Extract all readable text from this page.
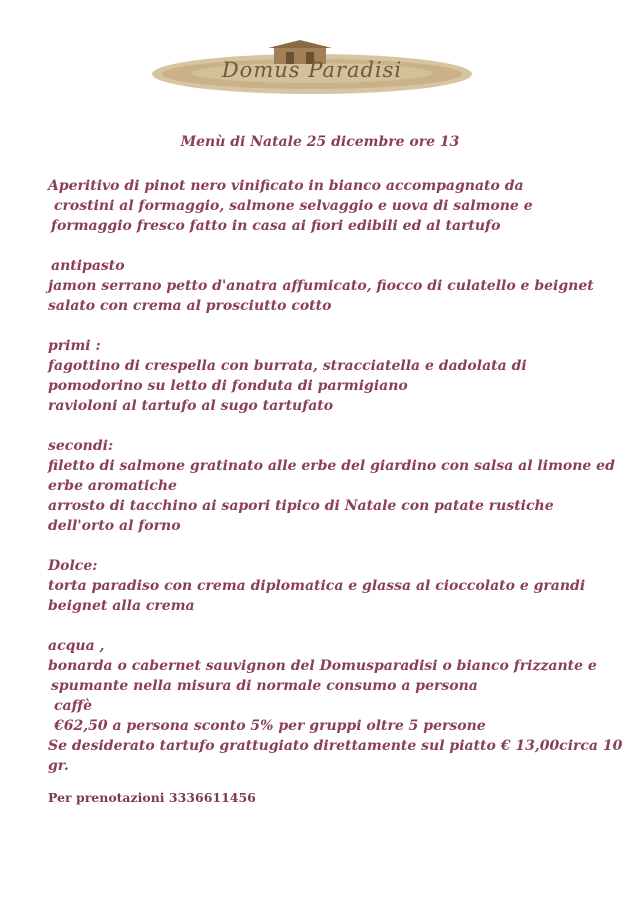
Domus Paradisi
Menù di Natale 25 dicembre ore 13
Aperitivo di pinot nero vinificato in bianco accompagnato da
crostini al formaggio, salmone selvaggio e uova di salmone e
formaggio fresco fatto in casa ai fiori edibili ed al tartufo
antipasto
jamon serrano petto d'anatra affumicato, fiocco di culatello e beignet
salato con crema al prosciutto cotto
primi :
fagottino di crespella con burrata, stracciatella e dadolata di
pomodorino su letto di fonduta di parmigiano
ravioloni al tartufo al sugo tartufato
secondi:
filetto di salmone gratinato alle erbe del giardino con salsa al limone ed
erbe aromatiche
arrosto di tacchino ai sapori tipico di Natale con patate rustiche
dell'orto al forno
Dolce:
torta paradiso con crema diplomatica e glassa al cioccolato e grandi
beignet alla crema
acqua ,
bonarda o cabernet sauvignon del Domusparadisi o bianco frizzante e
spumante nella misura di normale consumo a persona
caffè
€62,50 a persona sconto 5% per gruppi oltre 5 persone
Se desiderato tartufo grattugiato direttamente sul piatto € 13,00circa 10
gr.
Per prenotazioni 3336611456
